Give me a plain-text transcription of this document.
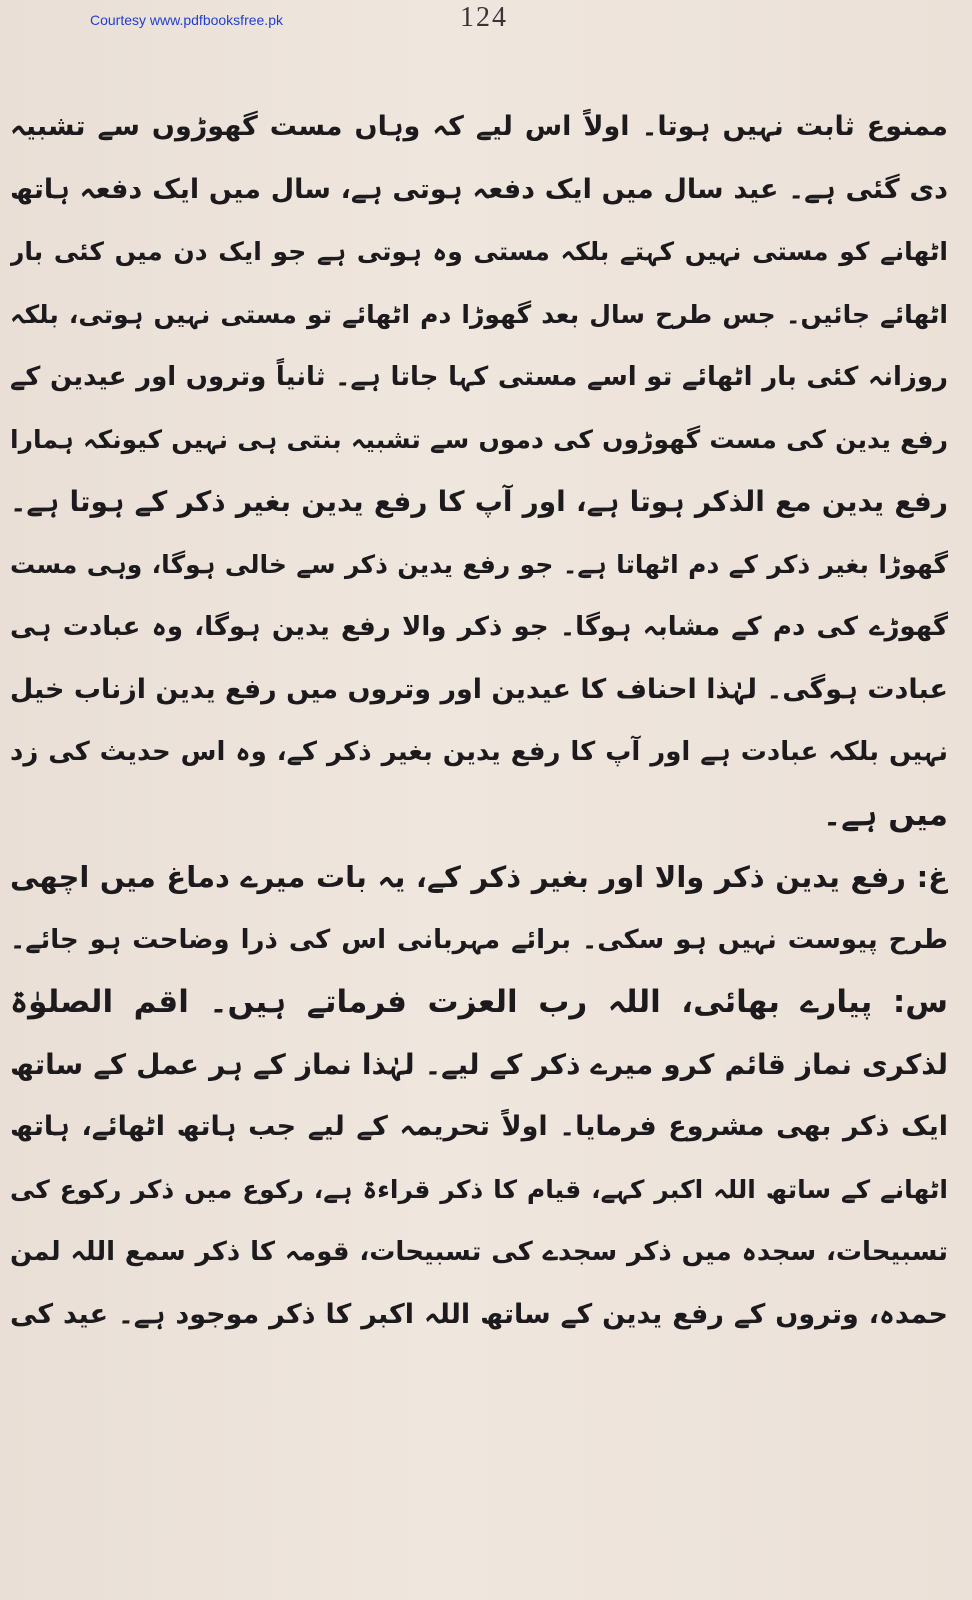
Courtesy www.pdfbooksfree.pk	124
ممنوع ثابت نہیں ہوتا۔ اولاً اس لیے کہ وہاں مست گھوڑوں سے تشبیہ
دی گئی ہے۔ عید سال میں ایک دفعہ ہوتی ہے، سال میں ایک دفعہ ہاتھ
اٹھانے کو مستی نہیں کہتے بلکہ مستی وہ ہوتی ہے جو ایک دن میں کئی بار
اٹھائے جائیں۔ جس طرح سال بعد گھوڑا دم اٹھائے تو مستی نہیں ہوتی، بلکہ
روزانہ کئی بار اٹھائے تو اسے مستی کہا جاتا ہے۔ ثانیاً وتروں اور عیدین کے
رفع یدین کی مست گھوڑوں کی دموں سے تشبیہ بنتی ہی نہیں کیونکہ ہمارا
رفع یدین مع الذکر ہوتا ہے، اور آپ کا رفع یدین بغیر ذکر کے ہوتا ہے۔
گھوڑا بغیر ذکر کے دم اٹھاتا ہے۔ جو رفع یدین ذکر سے خالی ہوگا، وہی مست
گھوڑے کی دم کے مشابہ ہوگا۔ جو ذکر والا رفع یدین ہوگا، وہ عبادت ہی
عبادت ہوگی۔ لہٰذا احناف کا عیدین اور وتروں میں رفع یدین ازناب خیل
نہیں بلکہ عبادت ہے اور آپ کا رفع یدین بغیر ذکر کے، وہ اس حدیث کی زد
میں ہے۔
غ: رفع یدین ذکر والا اور بغیر ذکر کے، یہ بات میرے دماغ میں اچھی
طرح پیوست نہیں ہو سکی۔ برائے مہربانی اس کی ذرا وضاحت ہو جائے۔
س: پیارے بھائی، اللہ رب العزت فرماتے ہیں۔ اقم الصلوٰۃ
لذکری نماز قائم کرو میرے ذکر کے لیے۔ لہٰذا نماز کے ہر عمل کے ساتھ
ایک ذکر بھی مشروع فرمایا۔ اولاً تحریمہ کے لیے جب ہاتھ اٹھائے، ہاتھ
اٹھانے کے ساتھ اللہ اکبر کہے، قیام کا ذکر قراءۃ ہے، رکوع میں ذکر رکوع کی
تسبیحات، سجدہ میں ذکر سجدے کی تسبیحات، قومہ کا ذکر سمع اللہ لمن
حمدہ، وتروں کے رفع یدین کے ساتھ اللہ اکبر کا ذکر موجود ہے۔ عید کی
